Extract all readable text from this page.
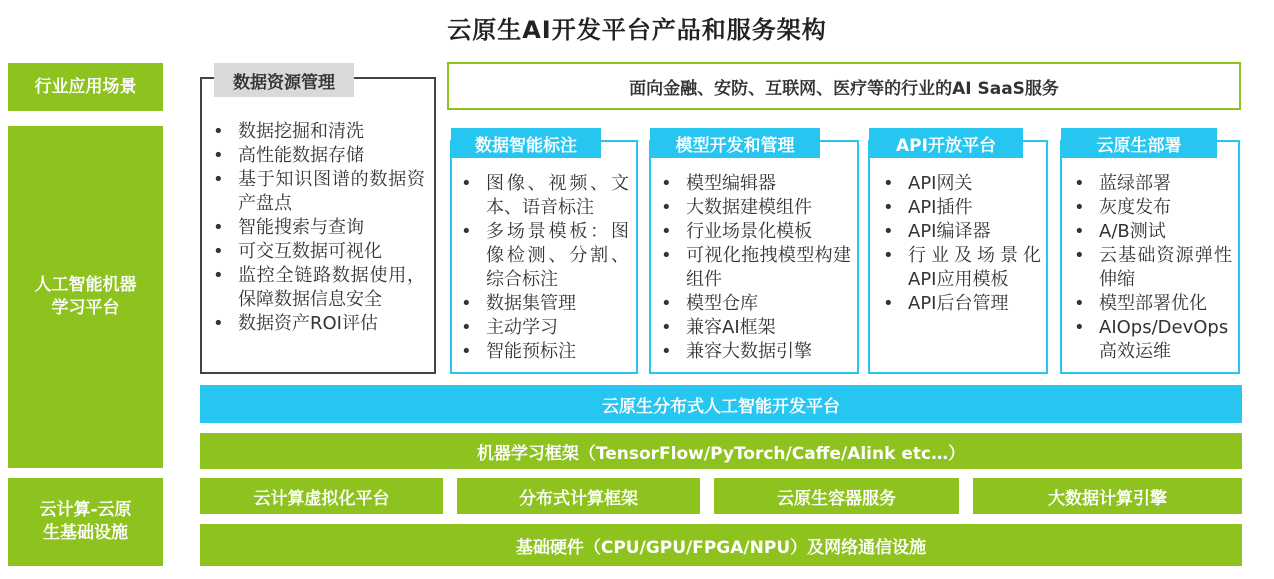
云原生AI开发平台产品和服务架构
行业应用场景
人工智能机器
学习平台
云计算-云原
生基础设施
面向金融、安防、互联网、医疗等的行业的AI SaaS服务
数据资源管理
• 数据挖掘和清洗
• 高性能数据存储
• 基于知识图谱的数据资产盘点
• 智能搜索与查询
• 可交互数据可视化
• 监控全链路数据使用，保障数据信息安全
• 数据资产ROI评估
数据智能标注
• 图像、视频、文本、语音标注
• 多场景模板：图像检测、分割、综合标注
• 数据集管理
• 主动学习
• 智能预标注
模型开发和管理
• 模型编辑器
• 大数据建模组件
• 行业场景化模板
• 可视化拖拽模型构建组件
• 模型仓库
• 兼容AI框架
• 兼容大数据引擎
API开放平台
• API网关
• API插件
• API编译器
• 行业及场景化API应用模板
• API后台管理
云原生部署
• 蓝绿部署
• 灰度发布
• A/B测试
• 云基础资源弹性伸缩
• 模型部署优化
• AIOps/DevOps高效运维
云原生分布式人工智能开发平台
机器学习框架（TensorFlow/PyTorch/Caffe/Alink etc…）
云计算虚拟化平台	分布式计算框架	云原生容器服务	大数据计算引擎
基础硬件（CPU/GPU/FPGA/NPU）及网络通信设施
